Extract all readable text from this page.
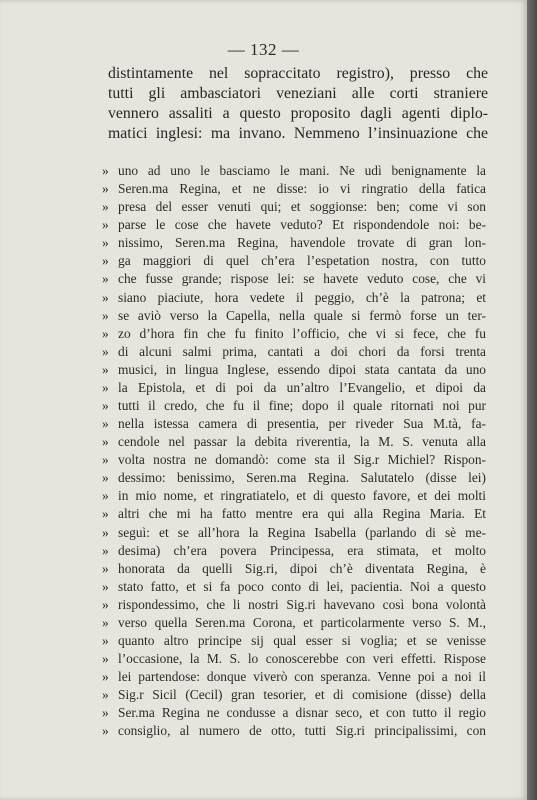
— 132 —
distintamente nel sopraccitato registro), presso che
tutti gli ambasciatori veneziani alle corti straniere
vennero assaliti a questo proposito dagli agenti diplo-
matici inglesi: ma invano. Nemmeno l’insinuazione che
» uno ad uno le basciamo le mani. Ne udì benignamente la
» Seren.ma Regina, et ne disse: io vi ringratio della fatica
» presa del esser venuti qui; et soggionse: ben; come vi son
» parse le cose che havete veduto? Et rispondendole noi: be-
» nissimo, Seren.ma Regina, havendole trovate di gran lon-
» ga maggiori di quel ch’era l’espetation nostra, con tutto
» che fusse grande; rispose lei: se havete veduto cose, che vi
» siano piaciute, hora vedete il peggio, ch’è la patrona; et
» se aviò verso la Capella, nella quale si fermò forse un ter-
» zo d’hora fin che fu finito l’officio, che vi si fece, che fu
» di alcuni salmi prima, cantati a doi chori da forsi trenta
» musici, in lingua Inglese, essendo dipoi stata cantata da uno
» la Epistola, et di poi da un’altro l’Evangelio, et dipoi da
» tutti il credo, che fu il fine; dopo il quale ritornati noi pur
» nella istessa camera di presentia, per riveder Sua M.tà, fa-
» cendole nel passar la debita riverentia, la M. S. venuta alla
» volta nostra ne domandò: come sta il Sig.r Michiel? Rispon-
» dessimo: benissimo, Seren.ma Regina. Salutatelo (disse lei)
» in mio nome, et ringratiatelo, et di questo favore, et dei molti
» altri che mi ha fatto mentre era qui alla Regina Maria. Et
» seguì: et se all’hora la Regina Isabella (parlando di sè me-
» desima) ch’era povera Principessa, era stimata, et molto
» honorata da quelli Sig.ri, dipoi ch’è diventata Regina, è
» stato fatto, et si fa poco conto di lei, pacientia. Noi a questo
» rispondessimo, che li nostri Sig.ri havevano così bona volontà
» verso quella Seren.ma Corona, et particolarmente verso S. M.,
» quanto altro principe sij qual esser si voglia; et se venisse
» l’occasione, la M. S. lo conoscerebbe con veri effetti. Rispose
» lei partendose: donque viverò con speranza. Venne poi a noi il
» Sig.r Sicil (Cecil) gran tesorier, et di comisione (disse) della
» Ser.ma Regina ne condusse a disnar seco, et con tutto il regio
» consiglio, al numero de otto, tutti Sig.ri principalissimi, con
